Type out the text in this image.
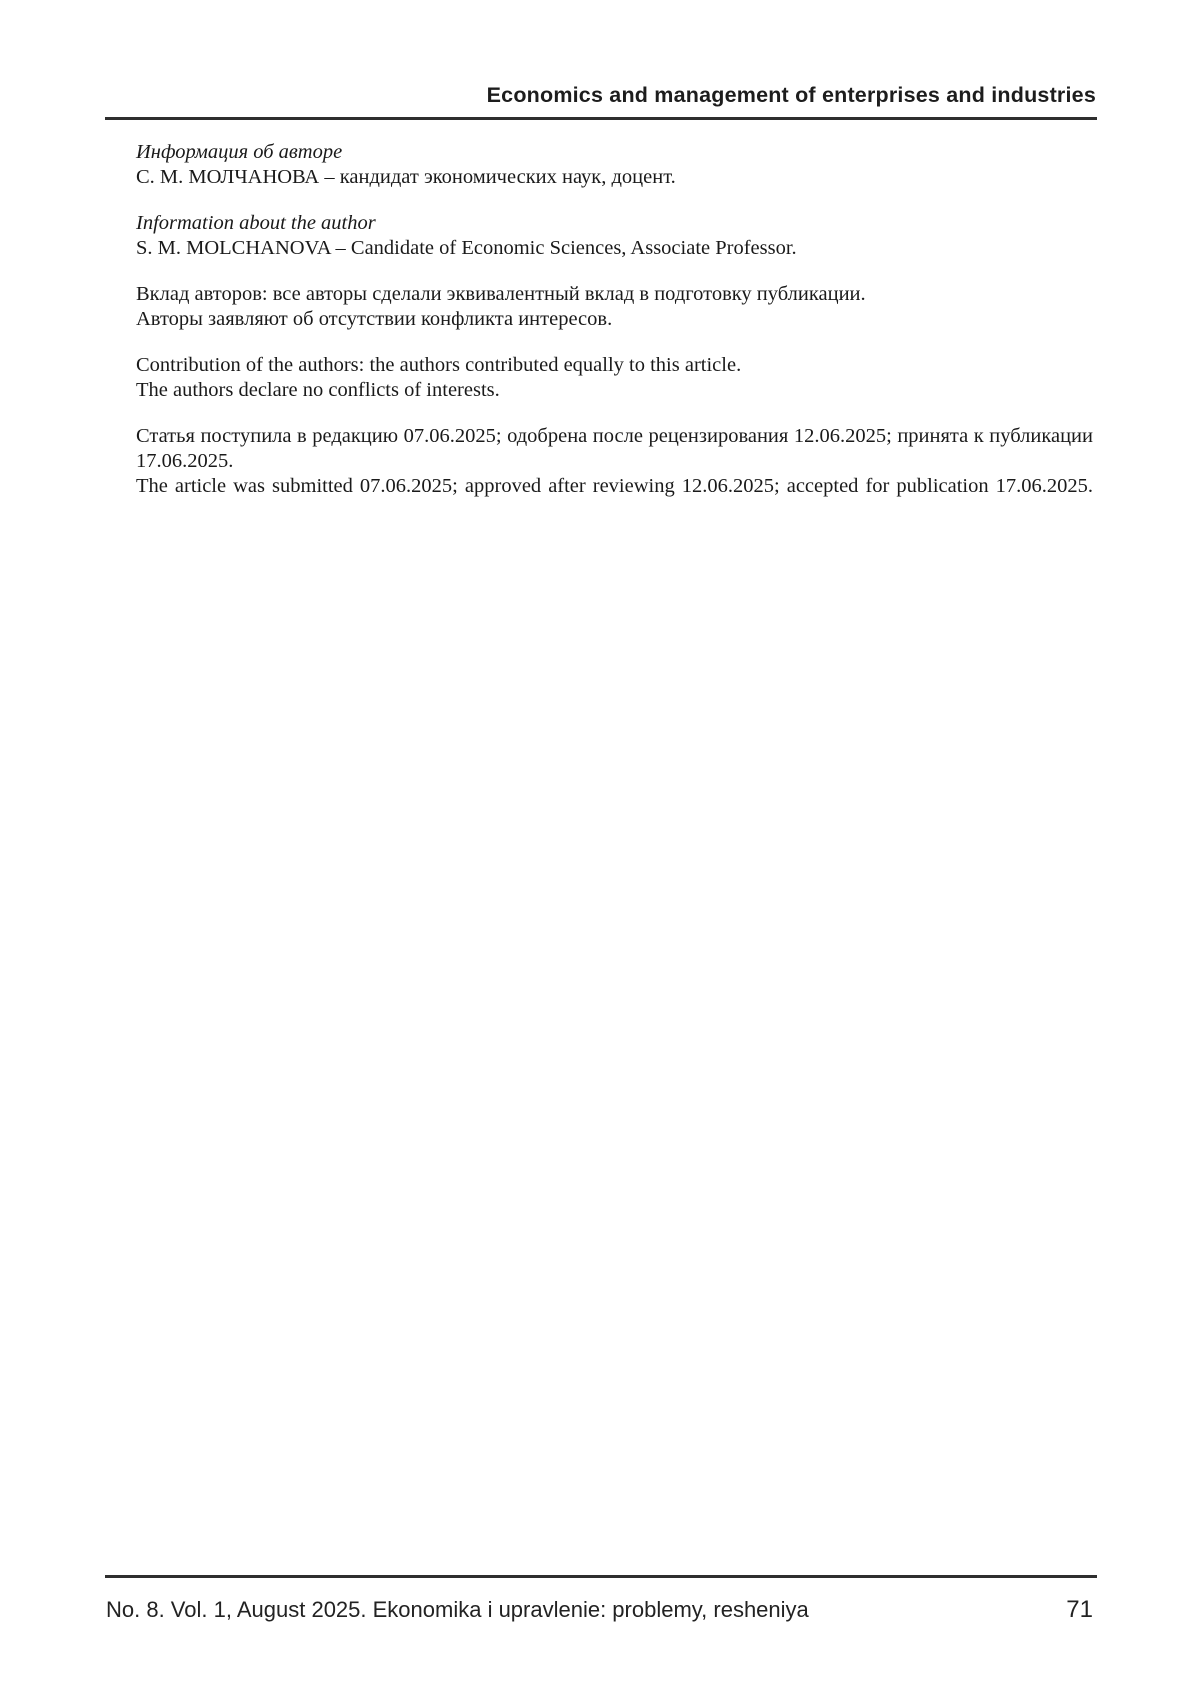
Economics and management of enterprises and industries

Информация об авторе
С. М. МОЛЧАНОВА – кандидат экономических наук, доцент.

Information about the author
S. M. MOLCHANOVA – Candidate of Economic Sciences, Associate Professor.

Вклад авторов: все авторы сделали эквивалентный вклад в подготовку публикации.
Авторы заявляют об отсутствии конфликта интересов.

Contribution of the authors: the authors contributed equally to this article.
The authors declare no conflicts of interests.

Статья поступила в редакцию 07.06.2025; одобрена после рецензирования 12.06.2025; принята к публикации
17.06.2025.
The article was submitted 07.06.2025; approved after reviewing 12.06.2025; accepted for publication 17.06.2025.

No. 8. Vol. 1, August 2025. Ekonomika i upravlenie: problemy, resheniya	71
